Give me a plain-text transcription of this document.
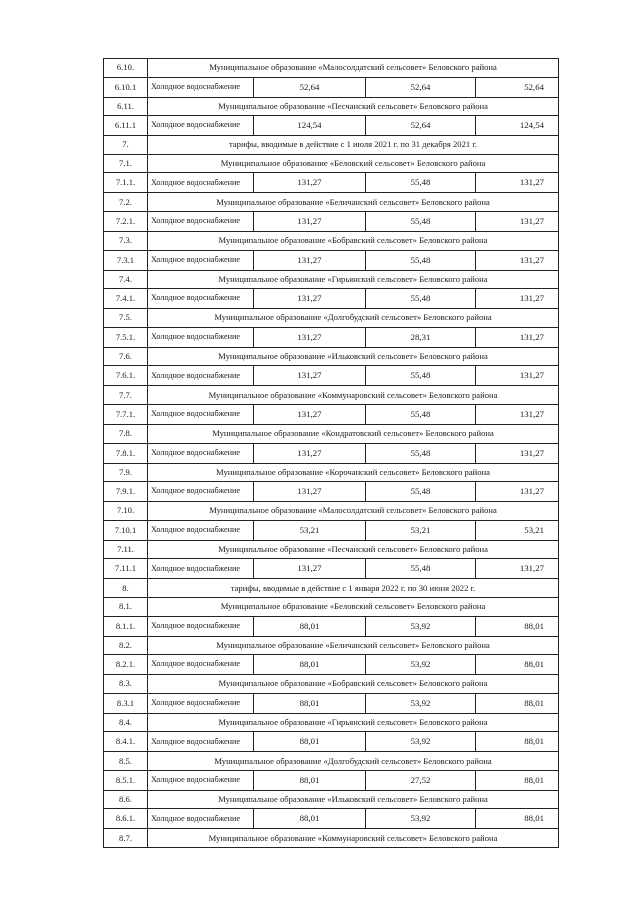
6.10.	Муниципальное образование «Малосолдатский сельсовет» Беловского района			
6.10.1	Холодное водоснабжение	52,64	52,64	52,64
6.11.	Муниципальное образование «Песчанский сельсовет» Беловского района			
6.11.1	Холодное водоснабжение	124,54	52,64	124,54
7.	тарифы, вводимые в действие с 1 июля 2021 г. по 31 декабря 2021 г.			
7.1.	Муниципальное образование «Беловский сельсовет» Беловского района			
7.1.1.	Холодное водоснабжение	131,27	55,48	131,27
7.2.	Муниципальное образование «Беличанский сельсовет» Беловского района			
7.2.1.	Холодное водоснабжение	131,27	55,48	131,27
7.3.	Муниципальное образование «Бобравский сельсовет» Беловского района			
7.3.1	Холодное водоснабжение	131,27	55,48	131,27
7.4.	Муниципальное образование «Гирьянский сельсовет» Беловского района			
7.4.1.	Холодное водоснабжение	131,27	55,48	131,27
7.5.	Муниципальное образование «Долгобудский сельсовет» Беловского района			
7.5.1.	Холодное водоснабжение	131,27	28,31	131,27
7.6.	Муниципальное образование «Ильковский сельсовет» Беловского района			
7.6.1.	Холодное водоснабжение	131,27	55,48	131,27
7.7.	Муниципальное образование «Коммунаровский сельсовет» Беловского района			
7.7.1.	Холодное водоснабжение	131,27	55,48	131,27
7.8.	Муниципальное образование «Кондратовский сельсовет» Беловского района			
7.8.1.	Холодное водоснабжение	131,27	55,48	131,27
7.9.	Муниципальное образование «Корочанский сельсовет» Беловского района			
7.9.1.	Холодное водоснабжение	131,27	55,48	131,27
7.10.	Муниципальное образование «Малосолдатский сельсовет» Беловского района			
7.10.1	Холодное водоснабжение	53,21	53,21	53,21
7.11.	Муниципальное образование «Песчанский сельсовет» Беловского района			
7.11.1	Холодное водоснабжение	131,27	55,48	131,27
8.	тарифы, вводимые в действие с 1 января 2022 г. по 30 июня 2022 г.			
8.1.	Муниципальное образование «Беловский сельсовет» Беловского района			
8.1.1.	Холодное водоснабжение	88,01	53,92	88,01
8.2.	Муниципальное образование «Беличанский сельсовет» Беловского района			
8.2.1.	Холодное водоснабжение	88,01	53,92	88,01
8.3.	Муниципальное образование «Бобравский сельсовет» Беловского района			
8.3.1	Холодное водоснабжение	88,01	53,92	88,01
8.4.	Муниципальное образование «Гирьянский сельсовет» Беловского района			
8.4.1.	Холодное водоснабжение	88,01	53,92	88,01
8.5.	Муниципальное образование «Долгобудский сельсовет» Беловского района			
8.5.1.	Холодное водоснабжение	88,01	27,52	88,01
8.6.	Муниципальное образование «Ильковский сельсовет» Беловского района			
8.6.1.	Холодное водоснабжение	88,01	53,92	88,01
8.7.	Муниципальное образование «Коммунаровский сельсовет» Беловского района			
